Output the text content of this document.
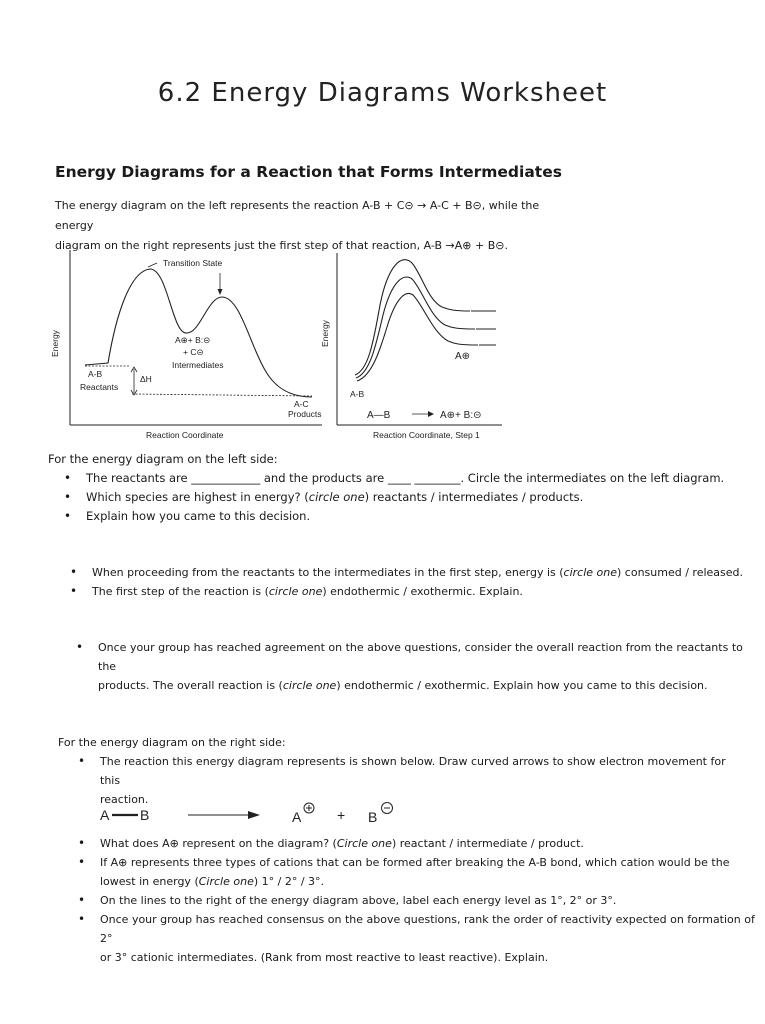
6.2 Energy Diagrams Worksheet
Energy Diagrams for a Reaction that Forms Intermediates
The energy diagram on the left represents the reaction A-B + C⊝ → A-C + B⊝, while the energy
diagram on the right represents just the first step of that reaction, A-B →A⊕ + B⊝.
Energy
Transition State
A⊕+ B:⊝
+ C⊝
Intermediates
A-B
Reactants
ΔH
A-C
Products
Reaction Coordinate
Energy
A⊕
A-B
A—B	A⊕+ B:⊝
Reaction Coordinate, Step 1
For the energy diagram on the left side:
• The reactants are ____________ and the products are ____ ________. Circle the intermediates on the left diagram.
• Which species are highest in energy? (circle one) reactants / intermediates / products.
• Explain how you came to this decision.
• When proceeding from the reactants to the intermediates in the first step, energy is (circle one) consumed / released.
• The first step of the reaction is (circle one) endothermic / exothermic. Explain.
• Once your group has reached agreement on the above questions, consider the overall reaction from the reactants to the
products. The overall reaction is (circle one) endothermic / exothermic. Explain how you came to this decision.
For the energy diagram on the right side:
• The reaction this energy diagram represents is shown below. Draw curved arrows to show electron movement for this
reaction.
A B	A	+ B
• What does A⊕ represent on the diagram? (Circle one) reactant / intermediate / product.
• If A⊕ represents three types of cations that can be formed after breaking the A-B bond, which cation would be the
lowest in energy (Circle one) 1° / 2° / 3°.
• On the lines to the right of the energy diagram above, label each energy level as 1°, 2° or 3°.
• Once your group has reached consensus on the above questions, rank the order of reactivity expected on formation of 2°
or 3° cationic intermediates. (Rank from most reactive to least reactive). Explain.
